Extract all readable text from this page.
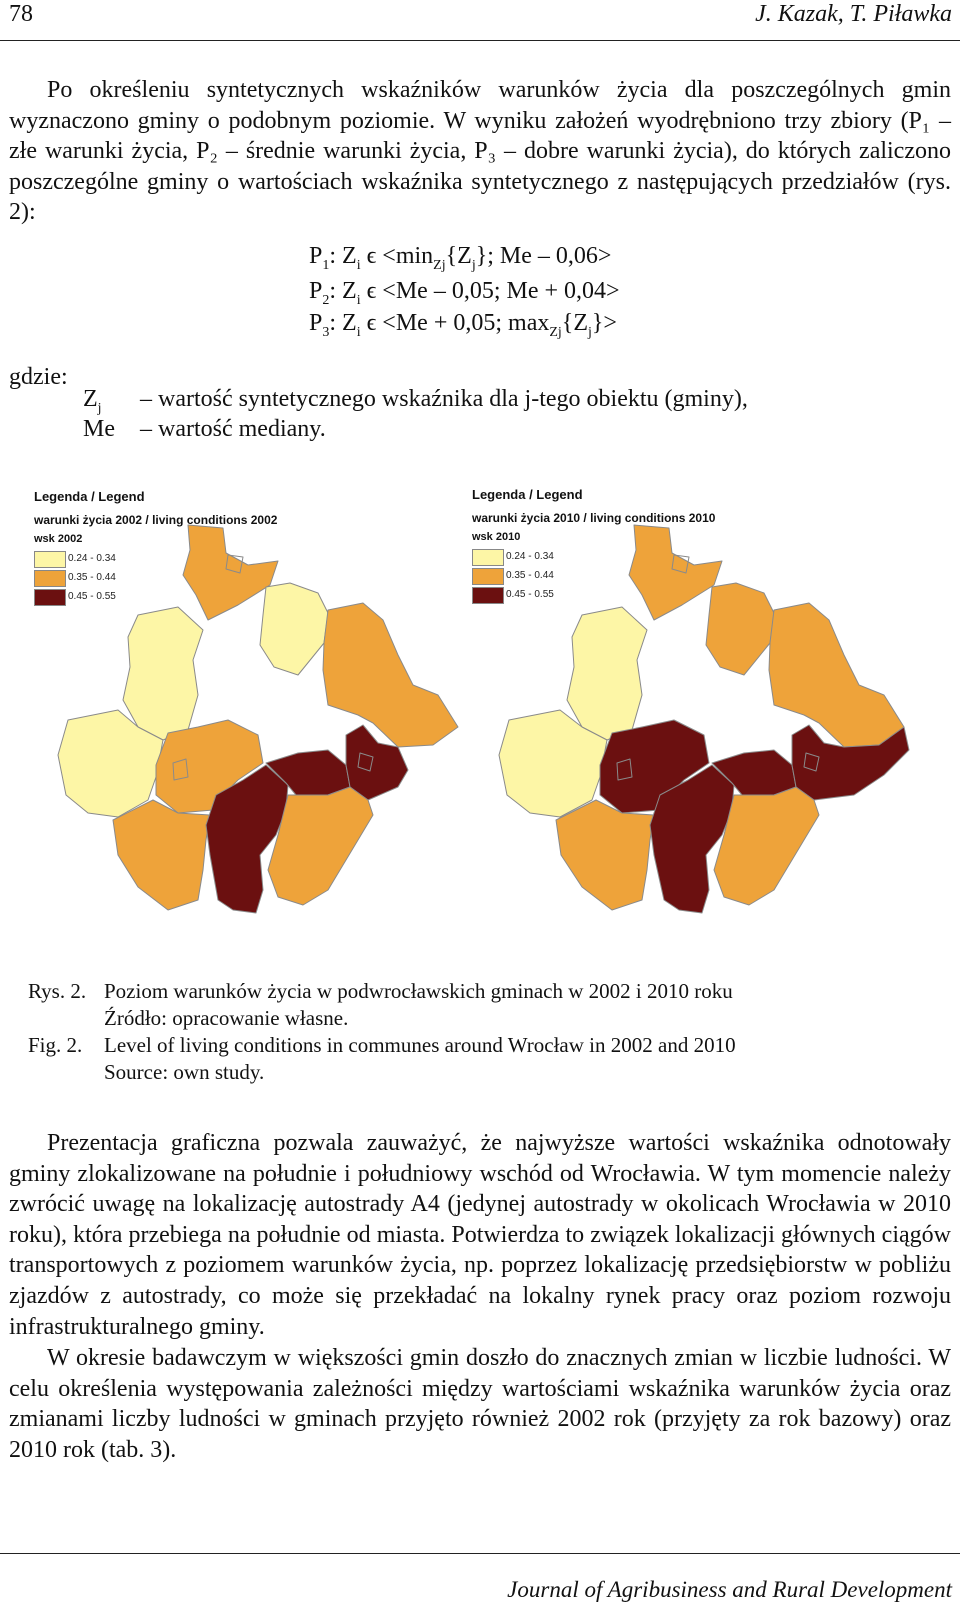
78	J. Kazak, T. Piławka

Po określeniu syntetycznych wskaźników warunków życia dla poszczególnych gmin wyznaczono gminy o podobnym poziomie. W wyniku założeń wyodrębniono trzy zbiory (P₁ – złe warunki życia, P₂ – średnie warunki życia, P₃ – dobre warunki życia), do których zaliczono poszczególne gminy o wartościach wskaźnika syntetycznego z następujących przedziałów (rys. 2):

$P_1$: $Z_i$ $\epsilon <\min_{Zj}\{Z_j\}$; Me – 0,06>
$P_2$: $Z_i$ ϵ <Me – 0,05; Me + 0,04>
$P_3$: $Z_i$ ϵ <Me + 0,05; $\max_{Zj}\{Z_j\}>$
gdzie:
$Z_j$ – wartość syntetycznego wskaźnika dla j-tego obiektu (gminy),
Me – wartość mediany.
Legenda / Legend
warunki życia 2002 / living conditions 2002
wsk 2002
0.24 - 0.34
0.35 - 0.44
0.45 - 0.55
Legenda / Legend
warunki życia 2010 / living conditions 2010
wsk 2010
0.24 - 0.34
0.35 - 0.44
0.45 - 0.55
Rys. 2. Poziom warunków życia w podwrocławskich gminach w 2002 i 2010 roku
Źródło: opracowanie własne.
Fig. 2. Level of living conditions in communes around Wrocław in 2002 and 2010
Source: own study.

Prezentacja graficzna pozwala zauważyć, że najwyższe wartości wskaźnika odnotowały gminy zlokalizowane na południe i południowy wschód od Wrocławia. W tym momencie należy zwrócić uwagę na lokalizację autostrady A4 (jedynej autostrady w okolicach Wrocławia w 2010 roku), która przebiega na południe od miasta. Potwierdza to związek lokalizacji głównych ciągów transportowych z poziomem warunków życia, np. poprzez lokalizację przedsiębiorstw w pobliżu zjazdów z autostrady, co może się przekładać na lokalny rynek pracy oraz poziom rozwoju infrastrukturalnego gminy.

W okresie badawczym w większości gmin doszło do znacznych zmian w liczbie ludności. W celu określenia występowania zależności między wartościami wskaźnika warunków życia oraz zmianami liczby ludności w gminach przyjęto również 2002 rok (przyjęty za rok bazowy) oraz 2010 rok (tab. 3).

Journal of Agribusiness and Rural Development
